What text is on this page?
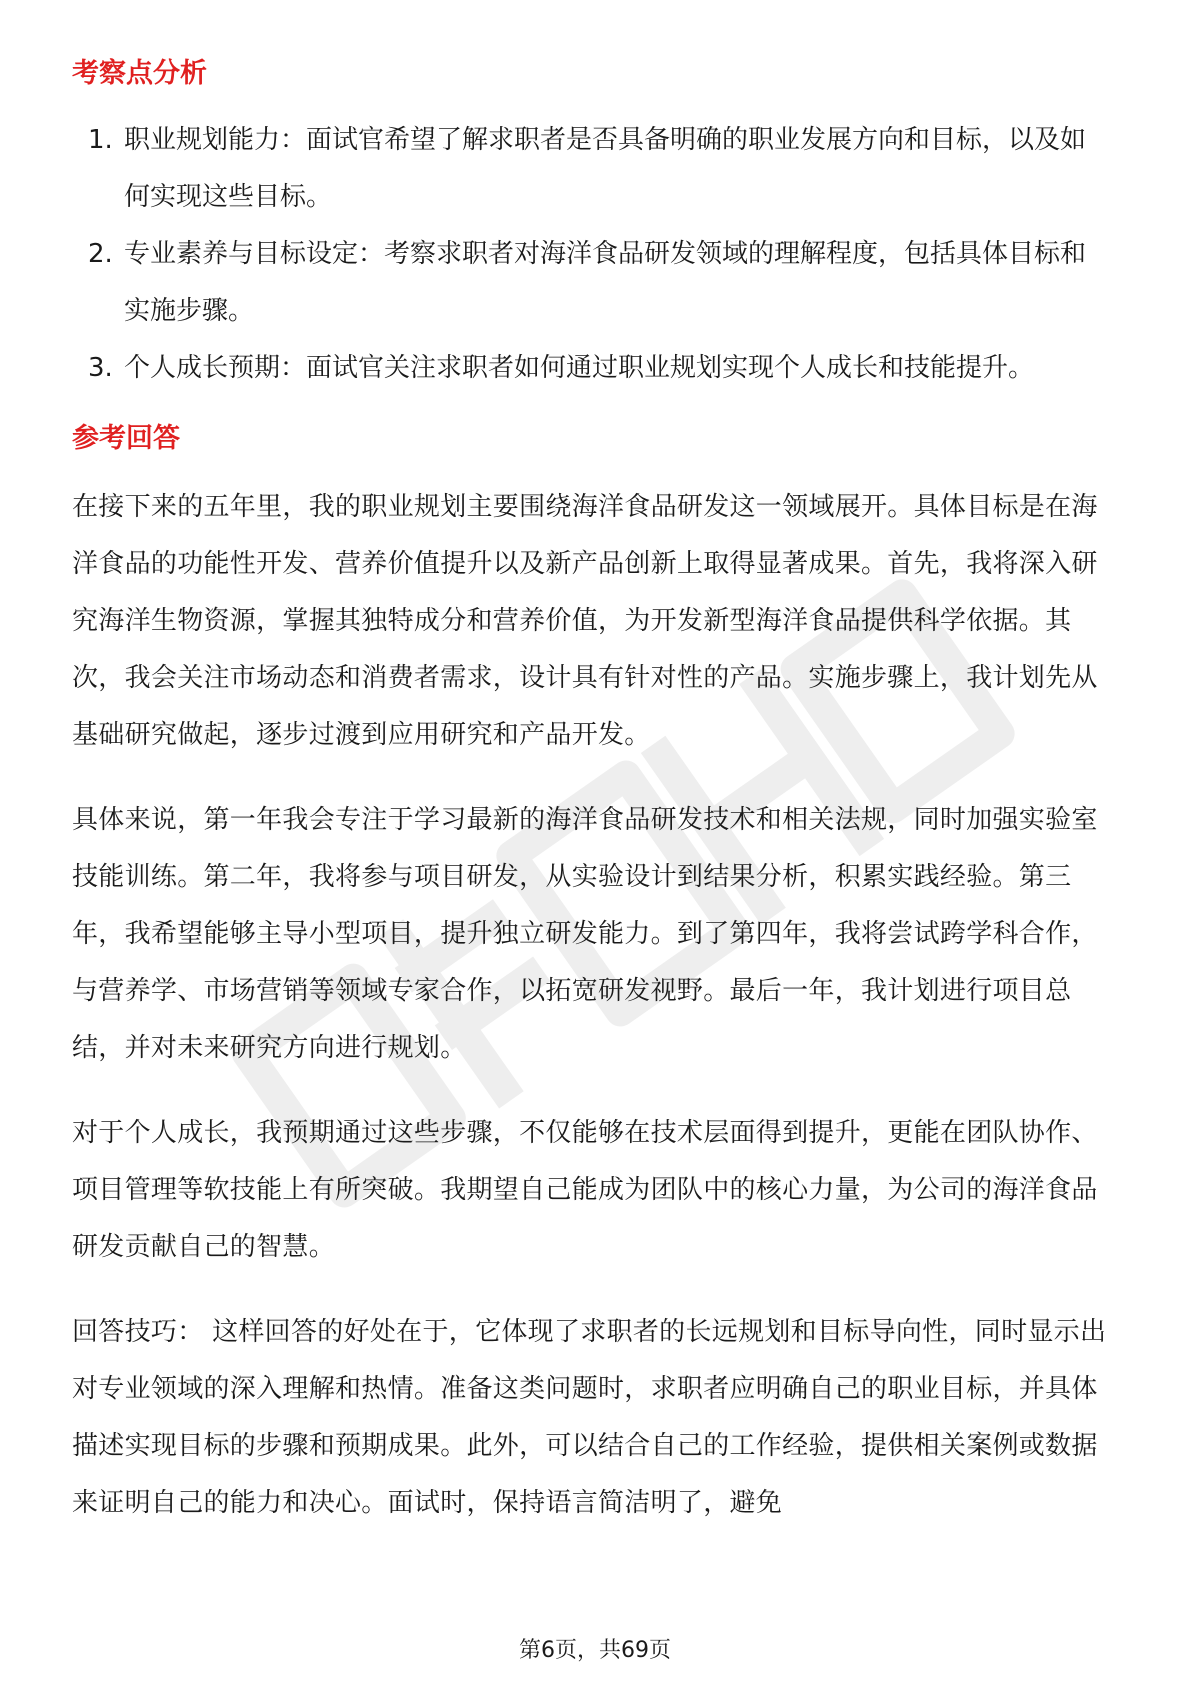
考察点分析
1. 职业规划能力：面试官希望了解求职者是否具备明确的职业发展方向和目标，以及如何实现这些目标。
2. 专业素养与目标设定：考察求职者对海洋食品研发领域的理解程度，包括具体目标和实施步骤。
3. 个人成长预期：面试官关注求职者如何通过职业规划实现个人成长和技能提升。
参考回答

在接下来的五年里，我的职业规划主要围绕海洋食品研发这一领域展开。具体目标是在海洋食品的功能性开发、营养价值提升以及新产品创新上取得显著成果。首先，我将深入研究海洋生物资源，掌握其独特成分和营养价值，为开发新型海洋食品提供科学依据。其次，我会关注市场动态和消费者需求，设计具有针对性的产品。实施步骤上，我计划先从基础研究做起，逐步过渡到应用研究和产品开发。

具体来说，第一年我会专注于学习最新的海洋食品研发技术和相关法规，同时加强实验室技能训练。第二年，我将参与项目研发，从实验设计到结果分析，积累实践经验。第三年，我希望能够主导小型项目，提升独立研发能力。到了第四年，我将尝试跨学科合作，与营养学、市场营销等领域专家合作，以拓宽研发视野。最后一年，我计划进行项目总结，并对未来研究方向进行规划。

对于个人成长，我预期通过这些步骤，不仅能够在技术层面得到提升，更能在团队协作、项目管理等软技能上有所突破。我期望自己能成为团队中的核心力量，为公司的海洋食品研发贡献自己的智慧。

回答技巧： 这样回答的好处在于，它体现了求职者的长远规划和目标导向性，同时显示出对专业领域的深入理解和热情。准备这类问题时，求职者应明确自己的职业目标，并具体描述实现目标的步骤和预期成果。此外，可以结合自己的工作经验，提供相关案例或数据来证明自己的能力和决心。面试时，保持语言简洁明了，避免

第6页，共69页
